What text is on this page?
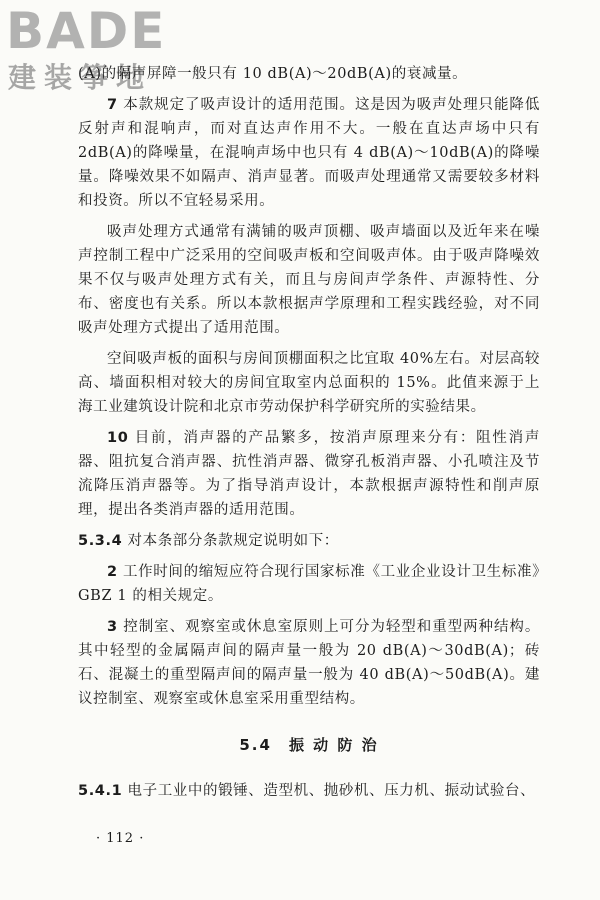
BADE
建装筝地

(A)的隔声屏障一般只有 10 dB(A)～20dB(A)的衰减量。

7 本款规定了吸声设计的适用范围。这是因为吸声处理只能降低反射声和混响声，而对直达声作用不大。一般在直达声场中只有 2dB(A)的降噪量，在混响声场中也只有 4 dB(A)～10dB(A)的降噪量。降噪效果不如隔声、消声显著。而吸声处理通常又需要较多材料和投资。所以不宜轻易采用。

吸声处理方式通常有满铺的吸声顶棚、吸声墙面以及近年来在噪声控制工程中广泛采用的空间吸声板和空间吸声体。由于吸声降噪效果不仅与吸声处理方式有关，而且与房间声学条件、声源特性、分布、密度也有关系。所以本款根据声学原理和工程实践经验，对不同吸声处理方式提出了适用范围。

空间吸声板的面积与房间顶棚面积之比宜取 40%左右。对层高较高、墙面积相对较大的房间宜取室内总面积的 15%。此值来源于上海工业建筑设计院和北京市劳动保护科学研究所的实验结果。

10 目前，消声器的产品繁多，按消声原理来分有：阻性消声器、阻抗复合消声器、抗性消声器、微穿孔板消声器、小孔喷注及节流降压消声器等。为了指导消声设计，本款根据声源特性和削声原理，提出各类消声器的适用范围。

5.3.4 对本条部分条款规定说明如下：

2 工作时间的缩短应符合现行国家标准《工业企业设计卫生标准》GBZ 1 的相关规定。

3 控制室、观察室或休息室原则上可分为轻型和重型两种结构。其中轻型的金属隔声间的隔声量一般为 20 dB(A)～30dB(A)；砖石、混凝土的重型隔声间的隔声量一般为 40 dB(A)～50dB(A)。建议控制室、观察室或休息室采用重型结构。

5.4　振 动 防 治

5.4.1 电子工业中的锻锤、造型机、抛砂机、压力机、振动试验台、

· 112 ·
